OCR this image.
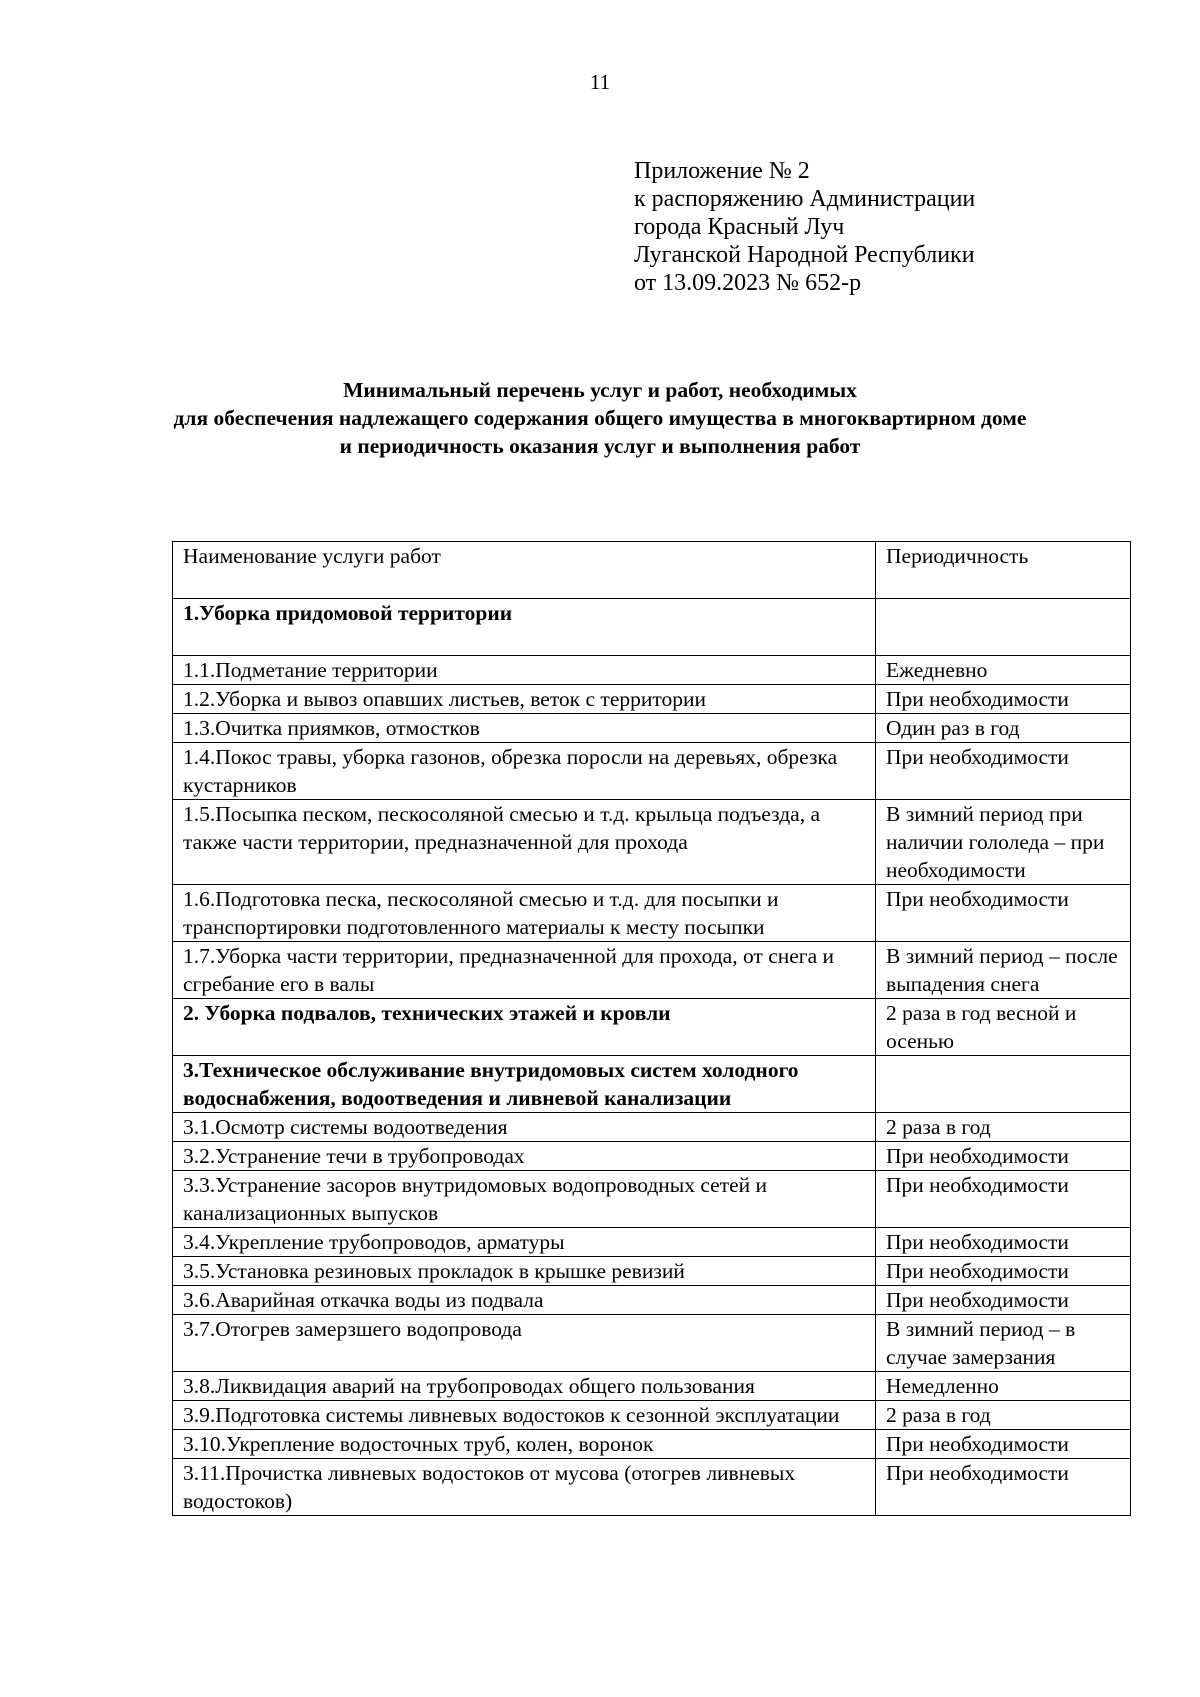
11
Приложение № 2
к распоряжению Администрации
города Красный Луч
Луганской Народной Республики
от 13.09.2023 № 652-р
Минимальный перечень услуг и работ, необходимых
для обеспечения надлежащего содержания общего имущества в многоквартирном доме
и периодичность оказания услуг и выполнения работ
Наименование услуги работ	Периодичность
1.Уборка придомовой территории	
1.1.Подметание территории	Ежедневно
1.2.Уборка и вывоз опавших листьев, веток с территории	При необходимости
1.3.Очитка приямков, отмостков	Один раз в год
1.4.Покос травы, уборка газонов, обрезка поросли на деревьях, обрезка кустарников	При необходимости
1.5.Посыпка песком, пескосоляной смесью и т.д. крыльца подъезда, а также части территории, предназначенной для прохода	В зимний период при наличии гололеда – при необходимости
1.6.Подготовка песка, пескосоляной смесью и т.д. для посыпки и транспортировки подготовленного материалы к месту посыпки	При необходимости
1.7.Уборка части территории, предназначенной для прохода, от снега и сгребание его в валы	В зимний период – после выпадения снега
2. Уборка подвалов, технических этажей и кровли	2 раза в год весной и осенью
3.Техническое обслуживание внутридомовых систем холодного водоснабжения, водоотведения и ливневой канализации	
3.1.Осмотр системы водоотведения	2 раза в год
3.2.Устранение течи в трубопроводах	При необходимости
3.3.Устранение засоров внутридомовых водопроводных сетей и канализационных выпусков	При необходимости
3.4.Укрепление трубопроводов, арматуры	При необходимости
3.5.Установка резиновых прокладок в крышке ревизий	При необходимости
3.6.Аварийная откачка воды из подвала	При необходимости
3.7.Отогрев замерзшего водопровода	В зимний период – в случае замерзания
3.8.Ликвидация аварий на трубопроводах общего пользования	Немедленно
3.9.Подготовка системы ливневых водостоков к сезонной эксплуатации	2 раза в год
3.10.Укрепление водосточных труб, колен, воронок	При необходимости
3.11.Прочистка ливневых водостоков от мусова (отогрев ливневых водостоков)	При необходимости
